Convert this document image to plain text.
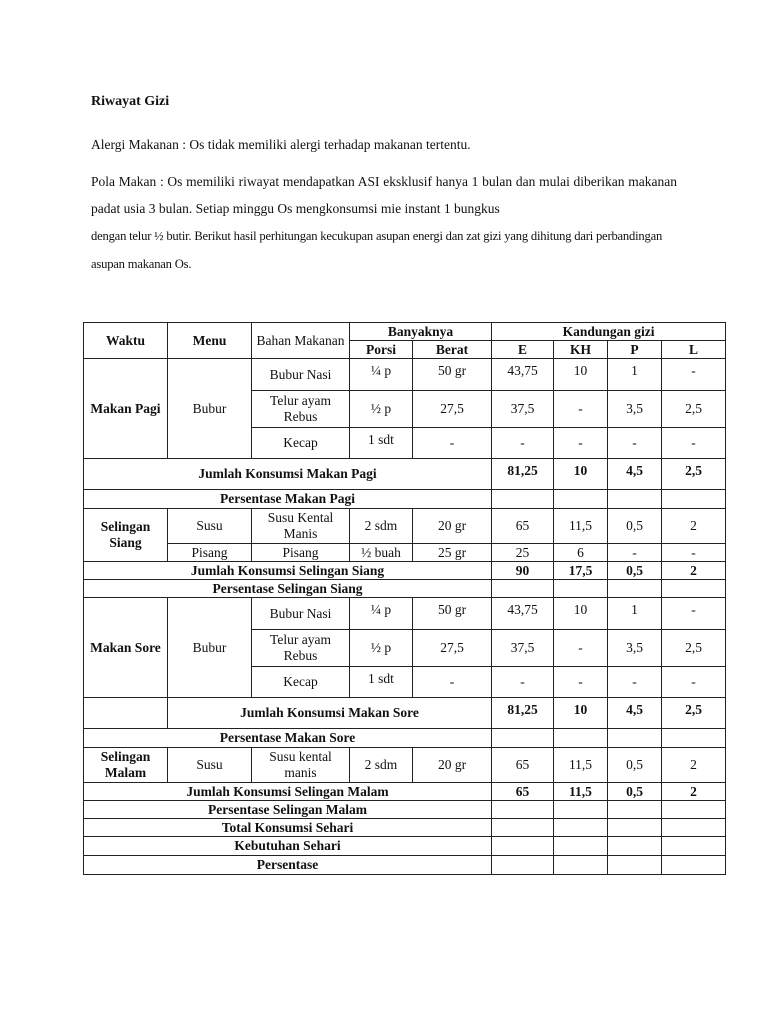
Riwayat Gizi
Alergi Makanan : Os tidak memiliki alergi terhadap makanan tertentu.
Pola Makan : Os memiliki riwayat mendapatkan ASI eksklusif hanya 1 bulan dan mulai diberikan makanan padat usia 3 bulan. Setiap minggu Os mengkonsumsi mie instant 1 bungkus
dengan telur ½ butir. Berikut hasil perhitungan kecukupan asupan energi dan zat gizi yang dihitung dari perbandingan asupan makanan Os.
Waktu	Menu	Bahan Makanan	Banyaknya		Kandungan gizi			
			Porsi	Berat	E	KH	P	L
Makan Pagi	Bubur	Bubur Nasi	¼ p	50 gr	43,75	10	1	-
		Telur ayam Rebus	½ p	27,5	37,5	-	3,5	2,5
		Kecap	1 sdt	-	-	-	-	-
Jumlah Konsumsi Makan Pagi					81,25	10	4,5	2,5
Persentase Makan Pagi								
Selingan Siang	Susu	Susu Kental Manis	2 sdm	20 gr	65	11,5	0,5	2
	Pisang	Pisang	½ buah	25 gr	25	6	-	-
Jumlah Konsumsi Selingan Siang					90	17,5	0,5	2
Persentase Selingan Siang								
Makan Sore	Bubur	Bubur Nasi	¼ p	50 gr	43,75	10	1	-
		Telur ayam Rebus	½ p	27,5	37,5	-	3,5	2,5
		Kecap	1 sdt	-	-	-	-	-
	Jumlah Konsumsi Makan Sore				81,25	10	4,5	2,5
Persentase Makan Sore								
Selingan Malam	Susu	Susu kental manis	2 sdm	20 gr	65	11,5	0,5	2
Jumlah Konsumsi Selingan Malam					65	11,5	0,5	2
Persentase Selingan Malam								
Total Konsumsi Sehari								
Kebutuhan Sehari								
Persentase								
